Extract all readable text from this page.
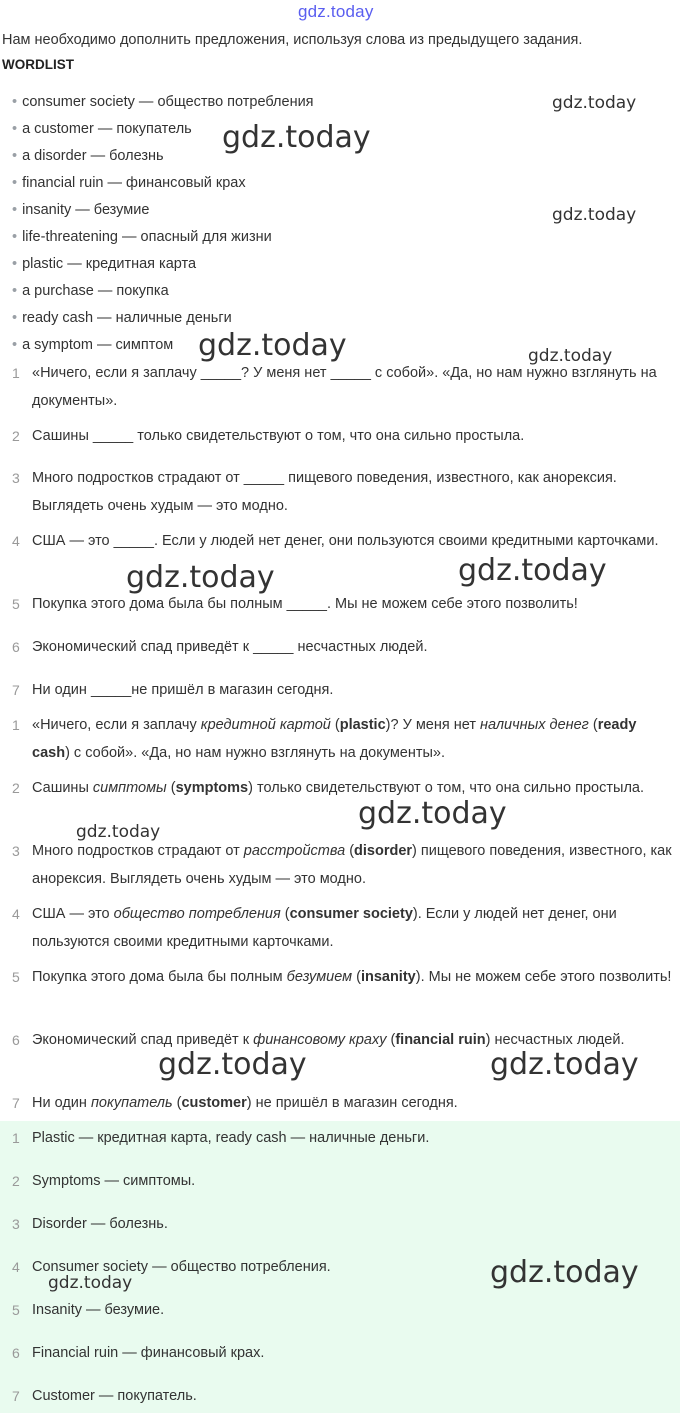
gdz.today
Нам необходимо дополнить предложения, используя слова из предыдущего задания.
WORDLIST
• consumer society — общество потребления
• a customer — покупатель
• a disorder — болезнь
• financial ruin — финансовый крах
• insanity — безумие
• life-threatening — опасный для жизни
• plastic — кредитная карта
• a purchase — покупка
• ready cash — наличные деньги
• a symptom — симптом
1 «Ничего, если я заплачу _____? У меня нет _____ с собой». «Да, но нам нужно взглянуть на документы».
2 Сашины _____ только свидетельствуют о том, что она сильно простыла.
3 Много подростков страдают от _____ пищевого поведения, известного, как анорексия. Выглядеть очень худым — это модно.
4 США — это _____. Если у людей нет денег, они пользуются своими кредитными карточками.
5 Покупка этого дома была бы полным _____. Мы не можем себе этого позволить!
6 Экономический спад приведёт к _____ несчастных людей.
7 Ни один _____не пришёл в магазин сегодня.
1 «Ничего, если я заплачу кредитной картой (plastic)? У меня нет наличных денег (ready cash) с собой». «Да, но нам нужно взглянуть на документы».
2 Сашины симптомы (symptoms) только свидетельствуют о том, что она сильно простыла.
3 Много подростков страдают от расстройства (disorder) пищевого поведения, известного, как анорексия. Выглядеть очень худым — это модно.
4 США — это общество потребления (consumer society). Если у людей нет денег, они пользуются своими кредитными карточками.
5 Покупка этого дома была бы полным безумием (insanity). Мы не можем себе этого позволить!
6 Экономический спад приведёт к финансовому краху (financial ruin) несчастных людей.
7 Ни один покупатель (customer) не пришёл в магазин сегодня.
1 Plastic — кредитная карта, ready cash — наличные деньги.
2 Symptoms — симптомы.
3 Disorder — болезнь.
4 Consumer society — общество потребления.
5 Insanity — безумие.
6 Financial ruin — финансовый крах.
7 Customer — покупатель.
gdz.today
gdz.today
gdz.today
gdz.today	gdz.today
gdz.today	gdz.today
gdz.today
gdz.today
gdz.today	gdz.today
gdz.today
gdz.today
